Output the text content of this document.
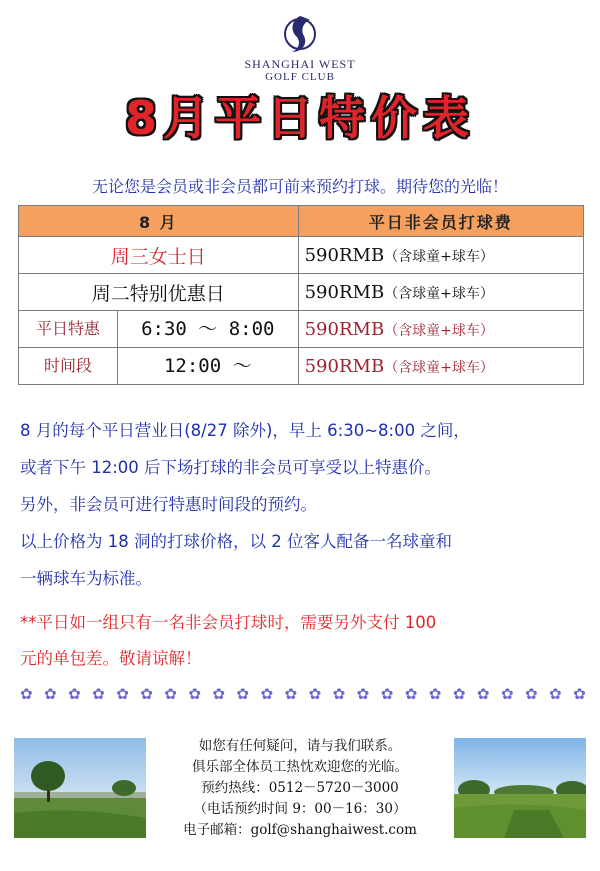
SHANGHAI WEST
GOLF CLUB
8月平日特价表
无论您是会员或非会员都可前来预约打球。期待您的光临！
8 月	平日非会员打球费
周三女士日	590RMB（含球童+球车）
周二特别优惠日	590RMB（含球童+球车）

平日特惠 6:30 ～ 8:00	590RMB（含球童+球车）

时间段 12:00 ～	590RMB（含球童+球车）
8 月的每个平日营业日(8/27 除外)，早上 6:30~8:00 之间，
或者下午 12:00 后下场打球的非会员可享受以上特惠价。
另外，非会员可进行特惠时间段的预约。
以上价格为 18 洞的打球价格，以 2 位客人配备一名球童和
一辆球车为标准。
**平日如一组只有一名非会员打球时，需要另外支付 100
元的单包差。敬请谅解！
✿ ✿ ✿ ✿ ✿ ✿ ✿ ✿ ✿ ✿ ✿ ✿ ✿ ✿ ✿ ✿ ✿ ✿ ✿ ✿ ✿ ✿ ✿ ✿
如您有任何疑问，请与我们联系。
俱乐部全体员工热忱欢迎您的光临。
预约热线：0512－5720－3000
（电话预约时间 9：00－16：30）
电子邮箱：golf@shanghaiwest.com
